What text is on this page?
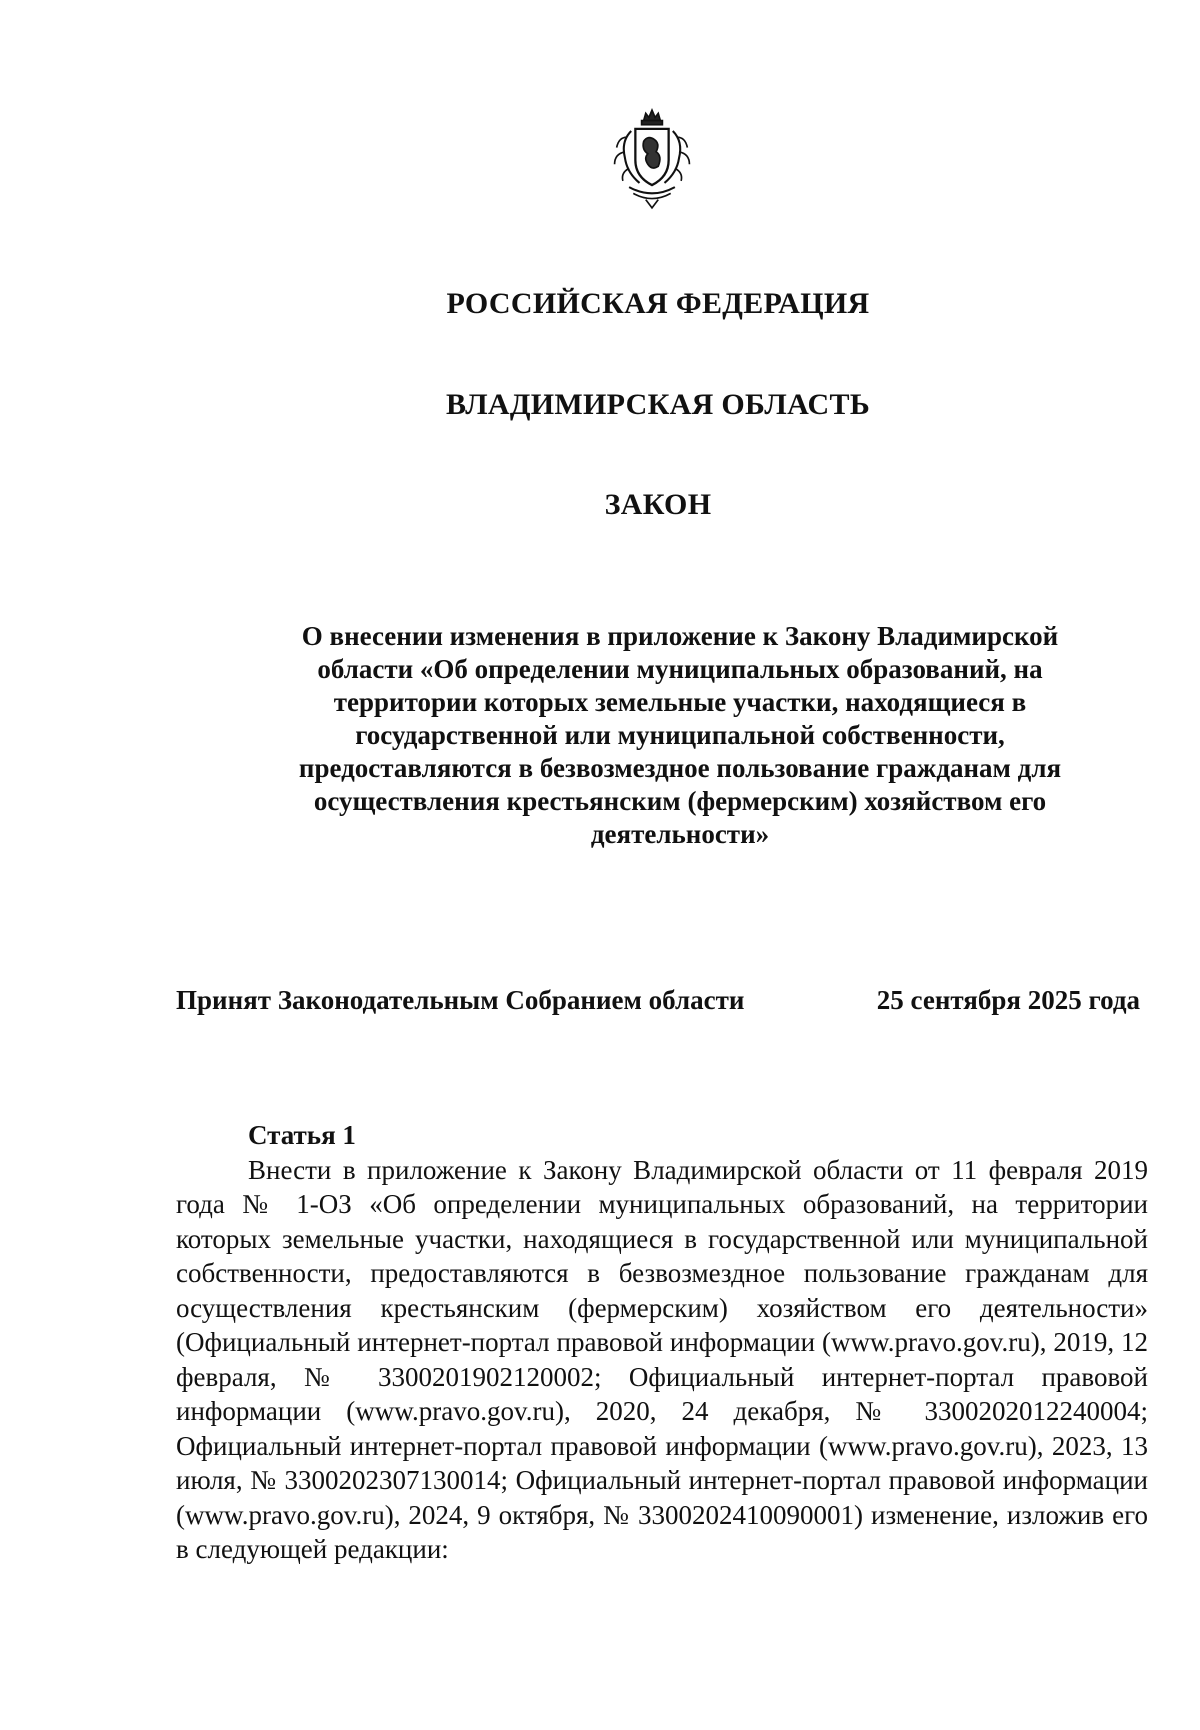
РОССИЙСКАЯ ФЕДЕРАЦИЯ
ВЛАДИМИРСКАЯ ОБЛАСТЬ
ЗАКОН
О внесении изменения в приложение к Закону Владимирской области «Об определении муниципальных образований, на территории которых земельные участки, находящиеся в государственной или муниципальной собственности, предоставляются в безвозмездное пользование гражданам для осуществления крестьянским (фермерским) хозяйством его деятельности»
Принят Законодательным Собранием области	25 сентября 2025 года

Статья 1

Внести в приложение к Закону Владимирской области от 11 февраля 2019 года № 1-ОЗ «Об определении муниципальных образований, на территории которых земельные участки, находящиеся в государственной или муниципальной собственности, предоставляются в безвозмездное пользование гражданам для осуществления крестьянским (фермерским) хозяйством его деятельности» (Официальный интернет-портал правовой информации (www.pravo.gov.ru), 2019, 12 февраля, № 3300201902120002; Официальный интернет-портал правовой информации (www.pravo.gov.ru), 2020, 24 декабря, № 3300202012240004; Официальный интернет-портал правовой информации (www.pravo.gov.ru), 2023, 13 июля, № 3300202307130014; Официальный интернет-портал правовой информации (www.pravo.gov.ru), 2024, 9 октября, № 3300202410090001) изменение, изложив его в следующей редакции:
